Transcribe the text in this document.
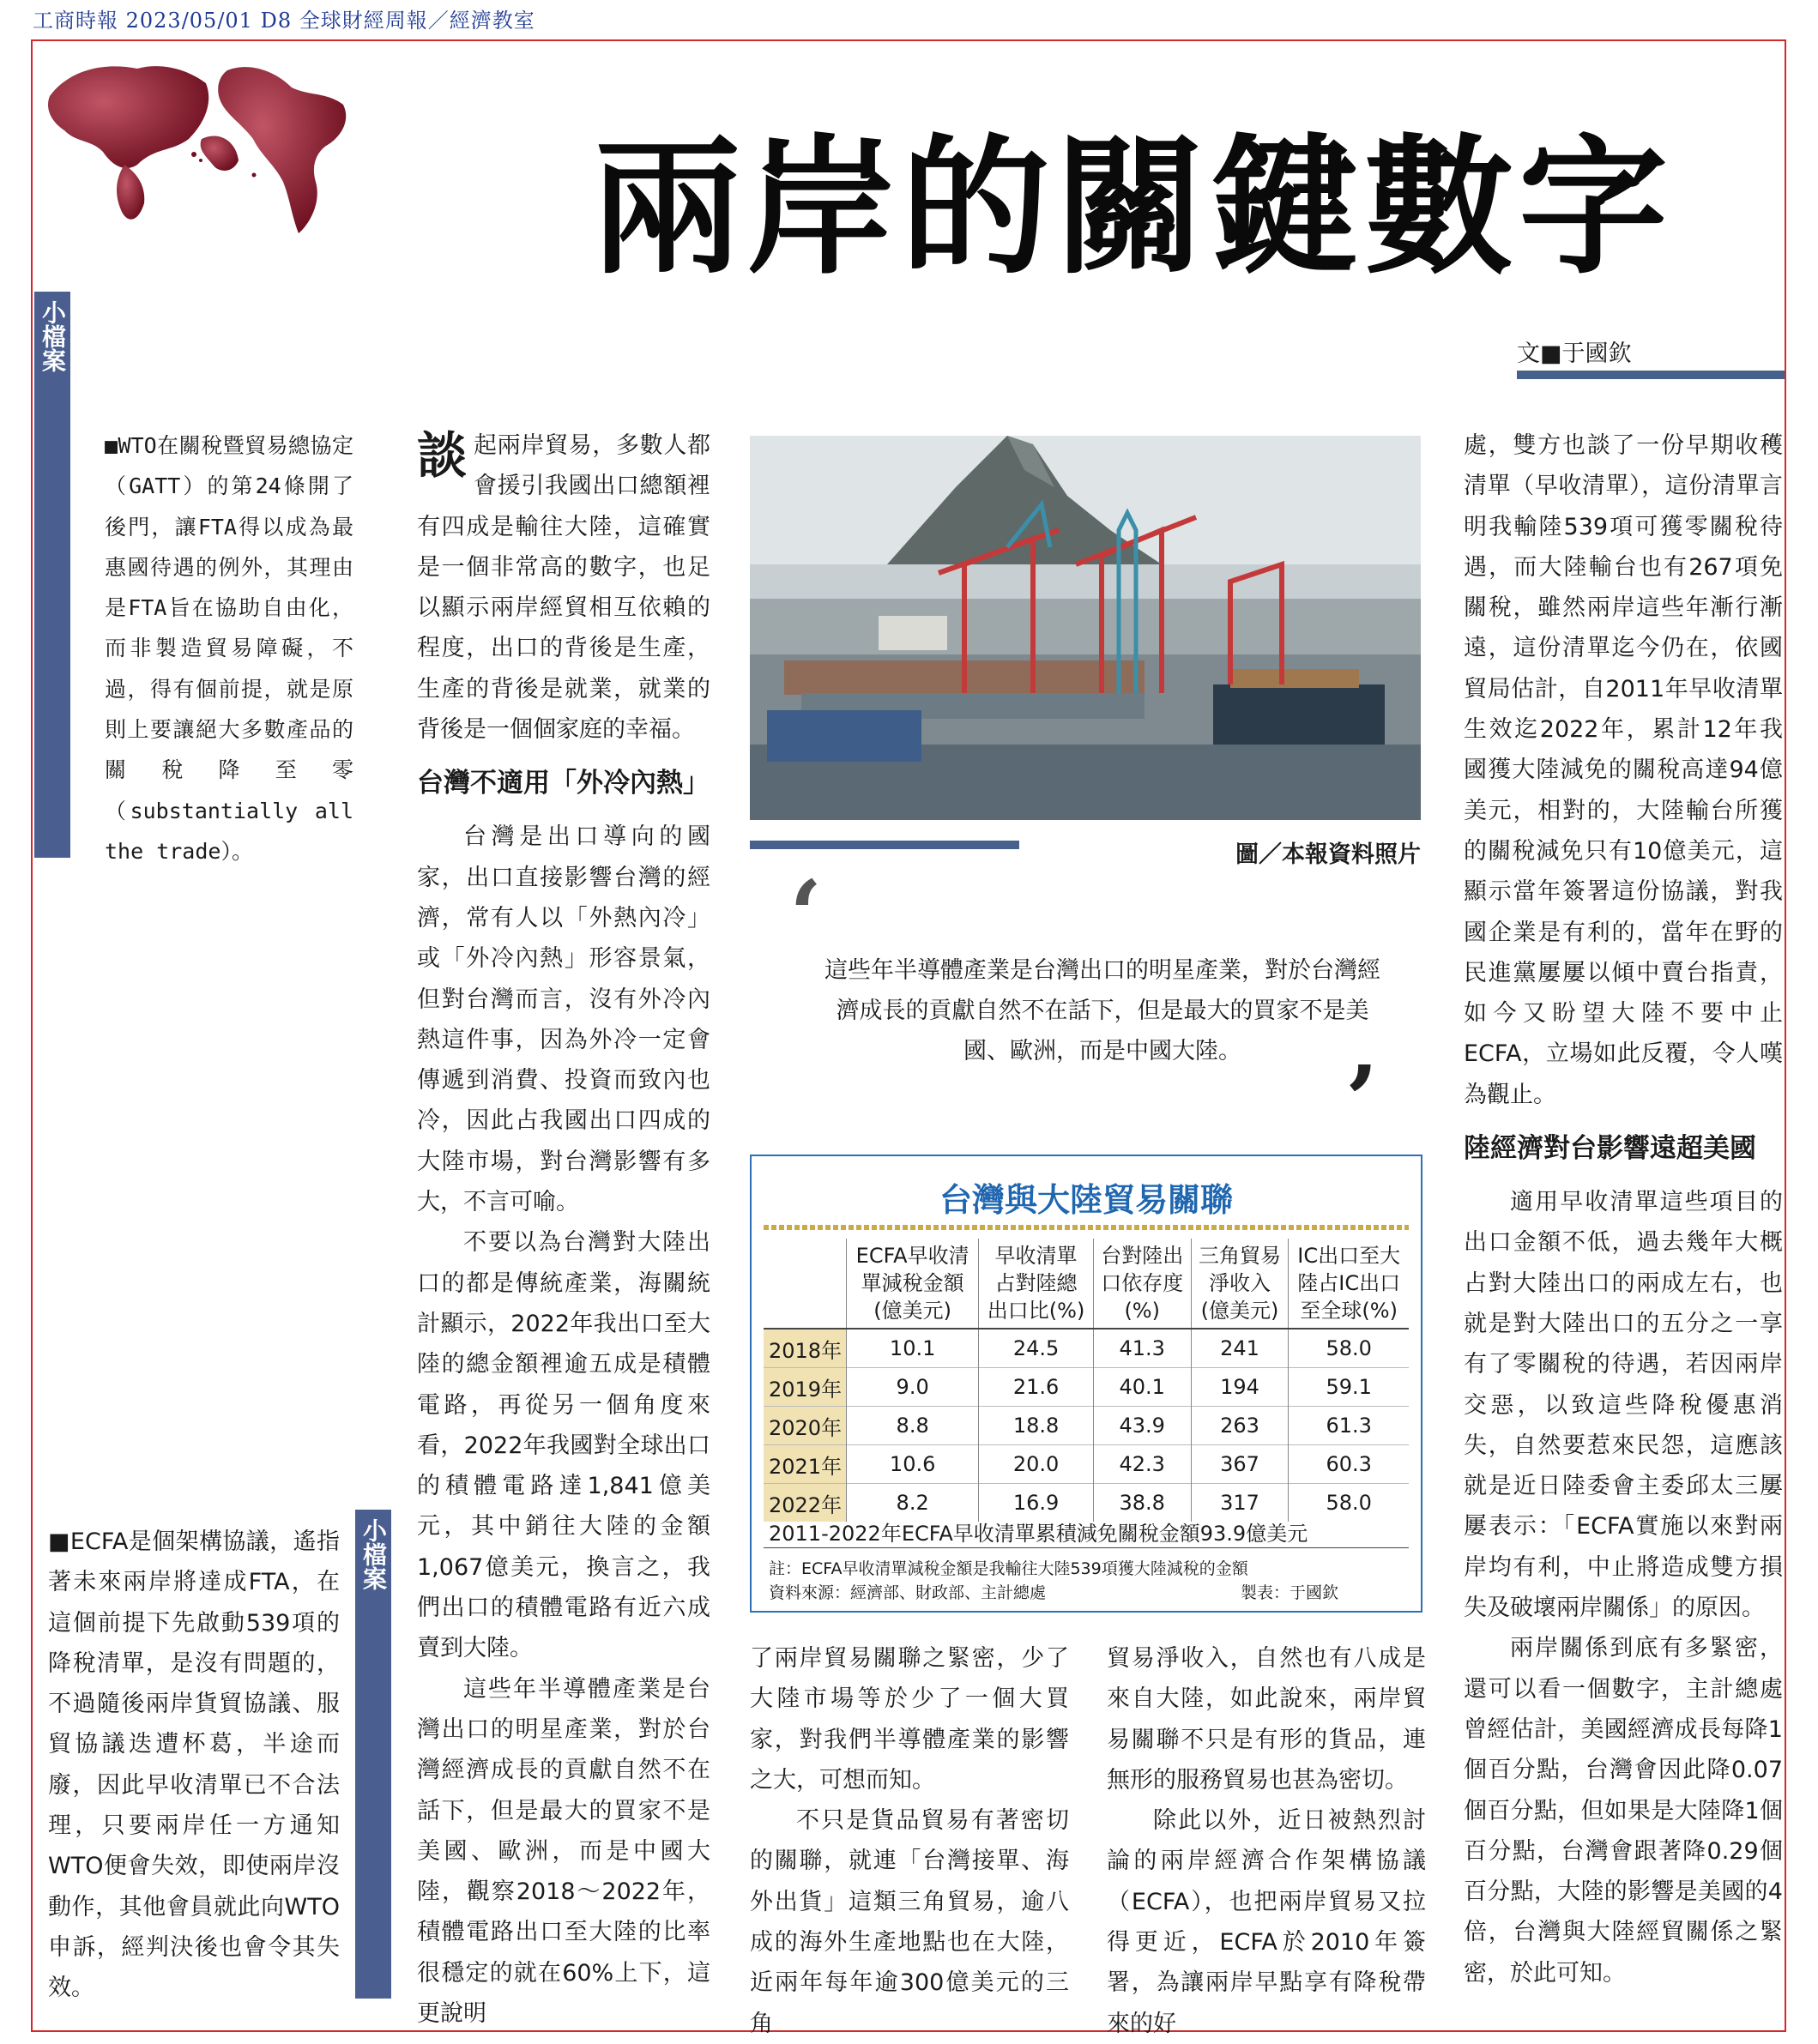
工商時報 2023/05/01 D8 全球財經周報／經濟教室
兩岸的關鍵數字
文■于國欽
小檔案

■WTO在關稅暨貿易總協定（GATT）的第24條開了後門，讓FTA得以成為最惠國待遇的例外，其理由是FTA旨在協助自由化，而非製造貿易障礙，不過，得有個前提，就是原則上要讓絕大多數產品的關稅降至零（substantially all the trade）。

小檔案

■ECFA是個架構協議，遙指著未來兩岸將達成FTA，在這個前提下先啟動539項的降稅清單，是沒有問題的，不過隨後兩岸貨貿協議、服貿協議迭遭杯葛，半途而廢，因此早收清單已不合法理，只要兩岸任一方通知WTO便會失效，即使兩岸沒動作，其他會員就此向WTO申訴，經判決後也會令其失效。

談起兩岸貿易，多數人都會援引我國出口總額裡有四成是輸往大陸，這確實是一個非常高的數字，也足以顯示兩岸經貿相互依賴的程度，出口的背後是生產，生產的背後是就業，就業的背後是一個個家庭的幸福。

台灣不適用「外冷內熱」

台灣是出口導向的國家，出口直接影響台灣的經濟，常有人以「外熱內冷」或「外冷內熱」形容景氣，但對台灣而言，沒有外冷內熱這件事，因為外冷一定會傳遞到消費、投資而致內也冷，因此占我國出口四成的大陸市場，對台灣影響有多大，不言可喻。

不要以為台灣對大陸出口的都是傳統產業，海關統計顯示，2022年我出口至大陸的總金額裡逾五成是積體電路，再從另一個角度來看，2022年我國對全球出口的積體電路達1,841億美元，其中銷往大陸的金額1,067億美元，換言之，我們出口的積體電路有近六成賣到大陸。

這些年半導體產業是台灣出口的明星產業，對於台灣經濟成長的貢獻自然不在話下，但是最大的買家不是美國、歐洲，而是中國大陸，觀察2018～2022年，積體電路出口至大陸的比率很穩定的就在60%上下，這更說明

圖／本報資料照片
‘
這些年半導體產業是台灣出口的明星產業，對於台灣經濟成長的貢獻自然不在話下，但是最大的買家不是美國、歐洲，而是中國大陸。	’
台灣與大陸貿易關聯
	ECFA早收清
單減稅金額
(億美元)	早收清單
占對陸總
出口比(%)	台對陸出
口依存度
(%)	三角貿易
淨收入
(億美元)	IC出口至大
陸占IC出口
至全球(%)
2018年	10.1	24.5	41.3	241	58.0
2019年	9.0	21.6	40.1	194	59.1
2020年	8.8	18.8	43.9	263	61.3
2021年	10.6	20.0	42.3	367	60.3
2022年	8.2	16.9	38.8	317	58.0
2011-2022年ECFA早收清單累積減免關稅金額93.9億美元
註：ECFA早收清單減稅金額是我輸往大陸539項獲大陸減稅的金額
資料來源：經濟部、財政部、主計總處	製表：于國欽

了兩岸貿易關聯之緊密，少了大陸市場等於少了一個大買家，對我們半導體產業的影響之大，可想而知。

不只是貨品貿易有著密切的關聯，就連「台灣接單、海外出貨」這類三角貿易，逾八成的海外生產地點也在大陸，近兩年每年逾300億美元的三角

貿易淨收入，自然也有八成是來自大陸，如此說來，兩岸貿易關聯不只是有形的貨品，連無形的服務貿易也甚為密切。

除此以外，近日被熱烈討論的兩岸經濟合作架構協議（ECFA），也把兩岸貿易又拉得更近，ECFA於2010年簽署，為讓兩岸早點享有降稅帶來的好

處，雙方也談了一份早期收穫清單（早收清單），這份清單言明我輸陸539項可獲零關稅待遇，而大陸輸台也有267項免關稅，雖然兩岸這些年漸行漸遠，這份清單迄今仍在，依國貿局估計，自2011年早收清單生效迄2022年，累計12年我國獲大陸減免的關稅高達94億美元，相對的，大陸輸台所獲的關稅減免只有10億美元，這顯示當年簽署這份協議，對我國企業是有利的，當年在野的民進黨屢屢以傾中賣台指責，如今又盼望大陸不要中止ECFA，立場如此反覆，令人嘆為觀止。

陸經濟對台影響遠超美國

適用早收清單這些項目的出口金額不低，過去幾年大概占對大陸出口的兩成左右，也就是對大陸出口的五分之一享有了零關稅的待遇，若因兩岸交惡，以致這些降稅優惠消失，自然要惹來民怨，這應該就是近日陸委會主委邱太三屢屢表示：「ECFA實施以來對兩岸均有利，中止將造成雙方損失及破壞兩岸關係」的原因。

兩岸關係到底有多緊密，還可以看一個數字，主計總處曾經估計，美國經濟成長每降1個百分點，台灣會因此降0.07個百分點，但如果是大陸降1個百分點，台灣會跟著降0.29個百分點，大陸的影響是美國的4倍，台灣與大陸經貿關係之緊密，於此可知。
